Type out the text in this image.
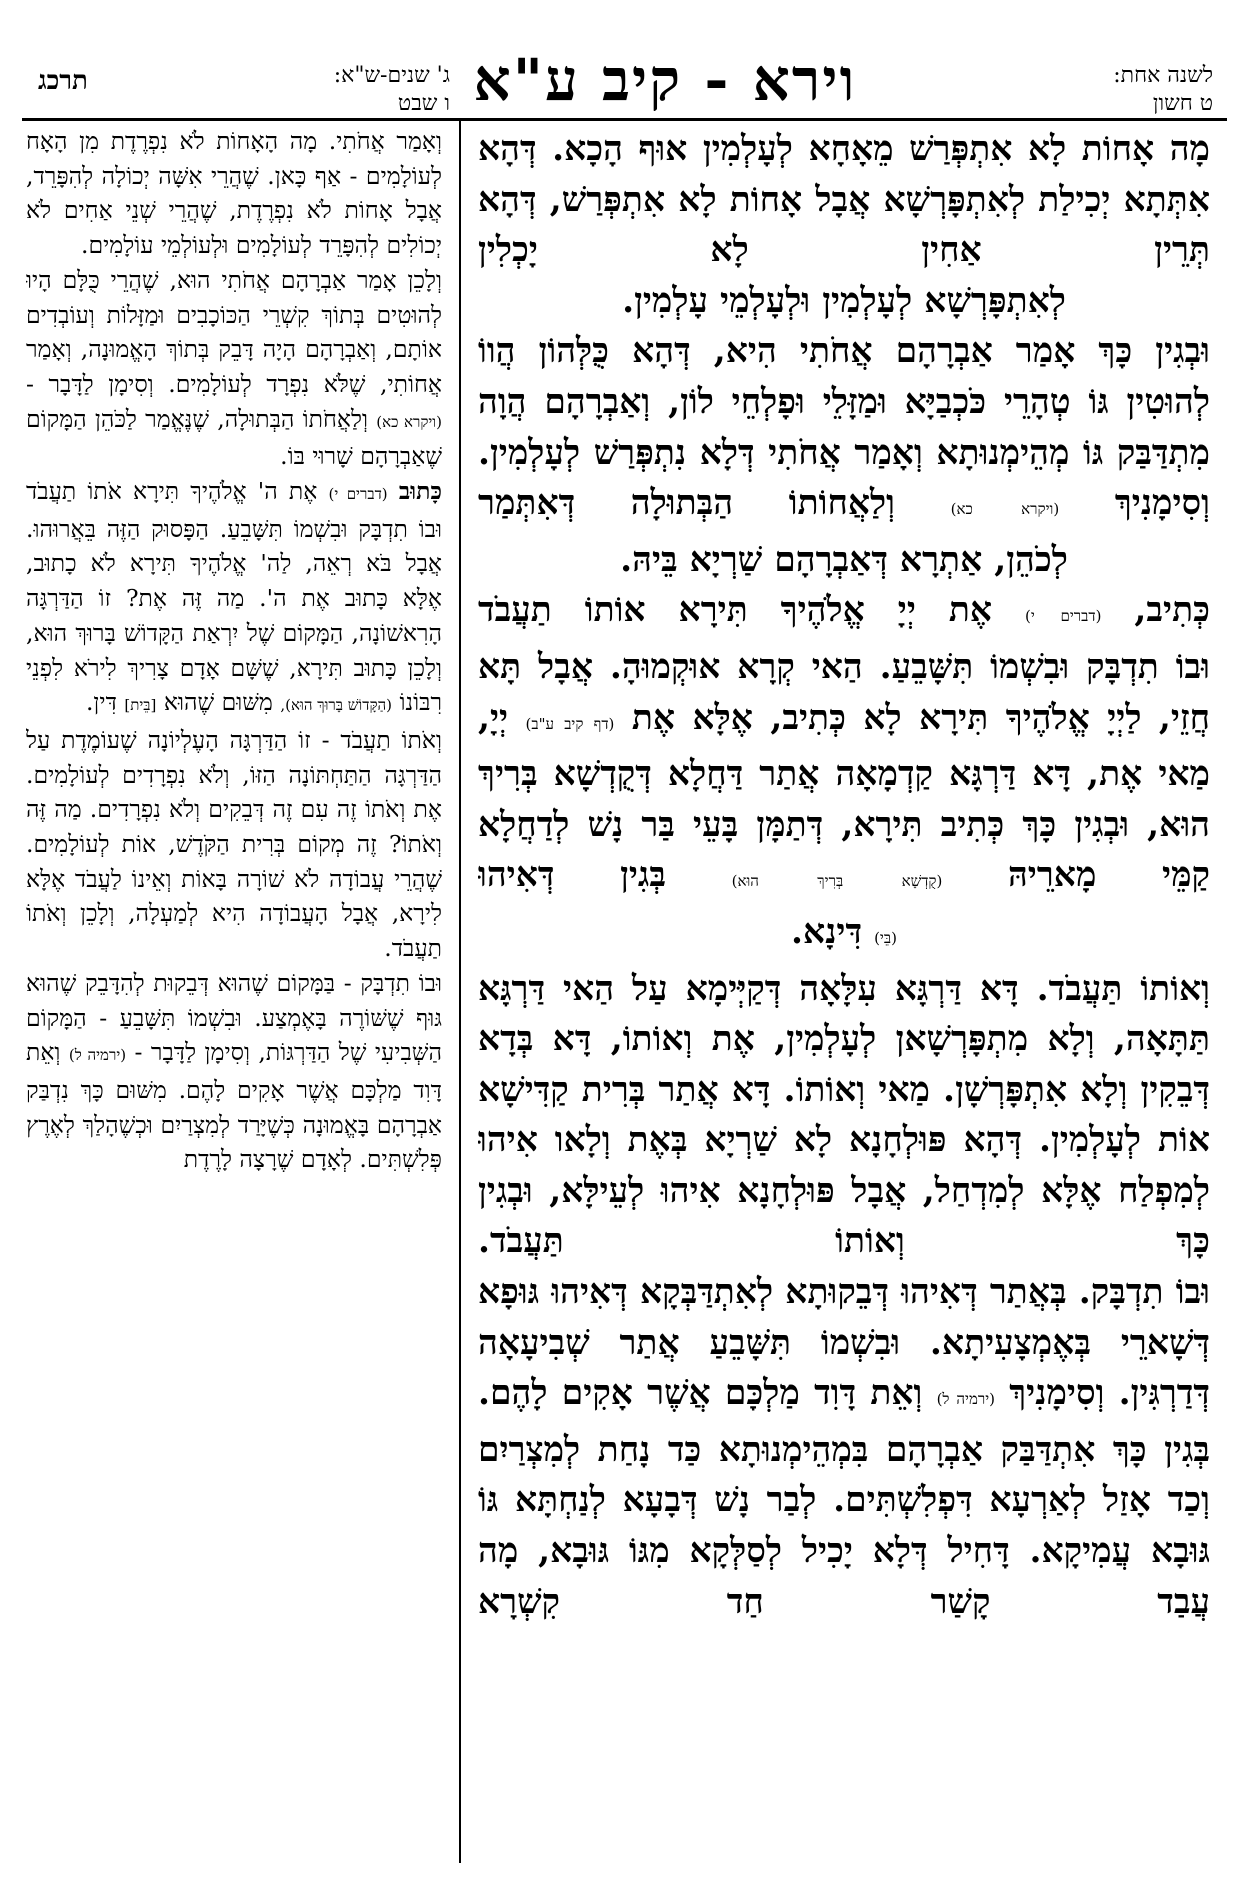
תרכג	ג' שנים-ש"א:
ו שבט וירא - קיב ע"א	לשנה אחת:
ט חשון

מָה אָחוֹת לָא אִתְפְּרַשׁ מֵאָחָא לְעָלְמִין אוּף הָכָא. דְּהָא אִתְּתָא יְכִילַת לְאִתְפָּרְשָׁא אֲבָל אָחוֹת לָא אִתְפְּרַשׁ, דְּהָא תְּרֵין אַחִין לָא יָכְלִין

לְאִתְפָּרְשָׁא לְעָלְמִין וּלְעָלְמֵי עָלְמִין.

וּבְגִין כָּךְ אָמַר אַבְרָהָם אֲחֹתִי הִיא, דְּהָא כֻּלְּהוֹן הֲווֹ לְהוּטִין גּוֹ טְהָרֵי כֹּכְבַיָּא וּמַזָּלֵי וּפָלְחֵי לוֹן, וְאַבְרָהָם הֲוָה מִתְדַּבַּק גּוֹ מְהֵימְנוּתָא וְאָמַר אֲחֹתִי דְּלָא נִתְפְּרַשׁ לְעָלְמִין. וְסִימָנִיךְ (ויקרא כא) וְלַאֲחוֹתוֹ הַבְּתוּלָה דְּאִתְּמַר

לְכֹהֵן, אַתְרָא דְּאַבְרָהָם שַׁרְיָא בֵּיהּ.

כְּתִיב, (דברים י) אֶת יְיָ אֱלֹהֶיךָ תִּירָא אוֹתוֹ תַעֲבֹד

וּבוֹ תִדְבָּק וּבִשְׁמוֹ תִּשָּׁבֵעַ. הַאי קְרָא אוּקְמוּהָ. אֲבָל תָּא חֲזֵי, לַיְיָ אֱלֹהֶיךָ תִּירָא לָא כְּתִיב, אֶלָּא אֶת (דף קיב ע"ב) יְיָ, מַאי אֶת, דָּא דַּרְגָּא קַדְמָאָה אֲתַר דַּחֲלָא דְּקֻדְשָׁא בְּרִיךְ הוּא, וּבְגִין כָּךְ כְּתִיב תִּירָא, דְּתַמָּן בָּעֵי בַּר נָשׁ לְדַחֲלָא קַמֵּי מָארֵיהּ (קֻדְשָׁא בְּרִיךְ הוּא) בְּגִין דְּאִיהוּ

(בֵּי) דִּינָא.

וְאוֹתוֹ תַּעֲבֹד. דָּא דַּרְגָּא עִלָּאָה דְּקַיְּימָא עַל הַאי דַּרְגָּא תַּתָּאָה, וְלָא מִתְפָּרְשָׁאן לְעָלְמִין, אֶת וְאוֹתוֹ, דָּא בְּדָא דְּבֵקִין וְלָא אִתְפָּרְשָׁן. מַאי וְאוֹתוֹ. דָּא אֲתַר בְּרִית קַדִּישָׁא אוֹת לְעָלְמִין. דְּהָא פּוּלְחָנָא לָא שַׁרְיָא בְּאֶת וְלָאו אִיהוּ לְמִפְלַח אֶלָּא לְמִדְחַל, אֲבָל פּוּלְחָנָא אִיהוּ לְעֵילָּא, וּבְגִין כָּךְ וְאוֹתוֹ תַּעֲבֹד.

וּבוֹ תִדְבָּק. בְּאֲתַר דְּאִיהוּ דְּבֵקוּתָא לְאִתְדַּבְּקָא דְּאִיהוּ גּוּפָא דְּשָׁארֵי בְּאֶמְצָעִיתָא. וּבִשְׁמוֹ תִּשָּׁבֵעַ אֲתַר שְׁבִיעָאָה דְּדַרְגִּין. וְסִימָנִיךְ (ירמיה ל) וְאֵת דָּוִד מַלְכָּם אֲשֶׁר אָקִים לָהֶם. בְּגִין כָּךְ אִתְדַּבַּק אַבְרָהָם בִּמְהֵימְנוּתָא כַּד נָחַת לְמִצְרַיִם וְכַד אָזַל לְאַרְעָא דִּפְלִשְׁתִּים. לְבַר נָשׁ דְּבָעָא לְנַחְתָּא גּוֹ גּוּבָא עֲמִיקָא. דָּחִיל דְּלָא יָכִיל לְסַלְּקָא מִגּוֹ גּוּבָא, מָה עֲבַד קָשַׁר חַד קִשְׁרָא

וְאָמַר אֲחֹתִי. מָה הָאָחוֹת לֹא נִפְרֶדֶת מִן הָאָח לְעוֹלָמִים - אַף כָּאן. שֶׁהֲרֵי אִשָּׁה יְכוֹלָה לְהִפָּרֵד, אֲבָל אָחוֹת לֹא נִפְרֶדֶת, שֶׁהֲרֵי שְׁנֵי אַחִים לֹא יְכוֹלִים לְהִפָּרֵד לְעוֹלָמִים וּלְעוֹלְמֵי עוֹלָמִים.

וְלָכֵן אָמַר אַבְרָהָם אֲחֹתִי הוּא, שֶׁהֲרֵי כֻּלָּם הָיוּ לְהוּטִים בְּתוֹךְ קִשְׁרֵי הַכּוֹכָבִים וּמַזָּלוֹת וְעוֹבְדִים אוֹתָם, וְאַבְרָהָם הָיָה דָּבֵק בְּתוֹךְ הָאֱמוּנָה, וְאָמַר אֲחוֹתִי, שֶׁלֹּא נִפְרָד לְעוֹלָמִים. וְסִימָן לַדָּבָר - (ויקרא כא) וְלַאֲחֹתוֹ הַבְּתוּלָה, שֶׁנֶּאֱמַר לַכֹּהֵן הַמָּקוֹם שֶׁאַבְרָהָם שָׁרוּי בּוֹ.

כָּתוּב (דברים י) אֶת ה' אֱלֹהֶיךָ תִּירָא אֹתוֹ תַעֲבֹד וּבוֹ תִדְבָּק וּבִשְׁמוֹ תִּשָּׁבֵעַ. הַפָּסוּק הַזֶּה בֵּאֲרוּהוּ. אֲבָל בֹּא רְאֵה, לַה' אֱלֹהֶיךָ תִּירָא לֹא כָתוּב, אֶלָּא כָּתוּב אֶת ה'. מַה זֶּה אֶת? זוֹ הַדַּרְגָּה הָרִאשׁוֹנָה, הַמָּקוֹם שֶׁל יִרְאַת הַקָּדוֹשׁ בָּרוּךְ הוּא, וְלָכֵן כָּתוּב תִּירָא, שֶׁשָּׁם אָדָם צָרִיךְ לִירֹא לִפְנֵי רִבּוֹנוֹ (הַקָּדוֹשׁ בָּרוּךְ הוּא), מִשּׁוּם שֶׁהוּא [בֵּית] דִּין.

וְאֹתוֹ תַעֲבֹד - זוֹ הַדַּרְגָּה הָעֶלְיוֹנָה שֶׁעוֹמֶדֶת עַל הַדַּרְגָּה הַתַּחְתּוֹנָה הַזּוֹ, וְלֹא נִפְרָדִים לְעוֹלָמִים. אֶת וְאֹתוֹ זֶה עִם זֶה דְּבֵקִים וְלֹא נִפְרָדִים. מַה זֶּה וְאֹתוֹ? זֶה מְקוֹם בְּרִית הַקֹּדֶשׁ, אוֹת לְעוֹלָמִים. שֶׁהֲרֵי עֲבוֹדָה לֹא שׁוֹרָה בָּאוֹת וְאֵינוֹ לַעֲבֹד אֶלָּא לִירָא, אֲבָל הָעֲבוֹדָה הִיא לְמַעְלָה, וְלָכֵן וְאֹתוֹ תַעֲבֹד.

וּבוֹ תִדְבָּק - בַּמָּקוֹם שֶׁהוּא דְּבֵקוּת לְהִדָּבֵק שֶׁהוּא גּוּף שֶׁשּׁוֹרֶה בָּאֶמְצַע. וּבִשְׁמוֹ תִּשָּׁבֵעַ - הַמָּקוֹם הַשְּׁבִיעִי שֶׁל הַדַּרְגּוֹת, וְסִימָן לַדָּבָר - (ירמיה ל) וְאֵת דָּוִד מַלְכָּם אֲשֶׁר אָקִים לָהֶם. מִשּׁוּם כָּךְ נִדְבַּק אַבְרָהָם בָּאֱמוּנָה כְּשֶׁיָּרַד לְמִצְרַיִם וּכְשֶׁהָלַךְ לְאֶרֶץ פְּלִשְׁתִּים. לְאָדָם שֶׁרָצָה לָרֶדֶת
